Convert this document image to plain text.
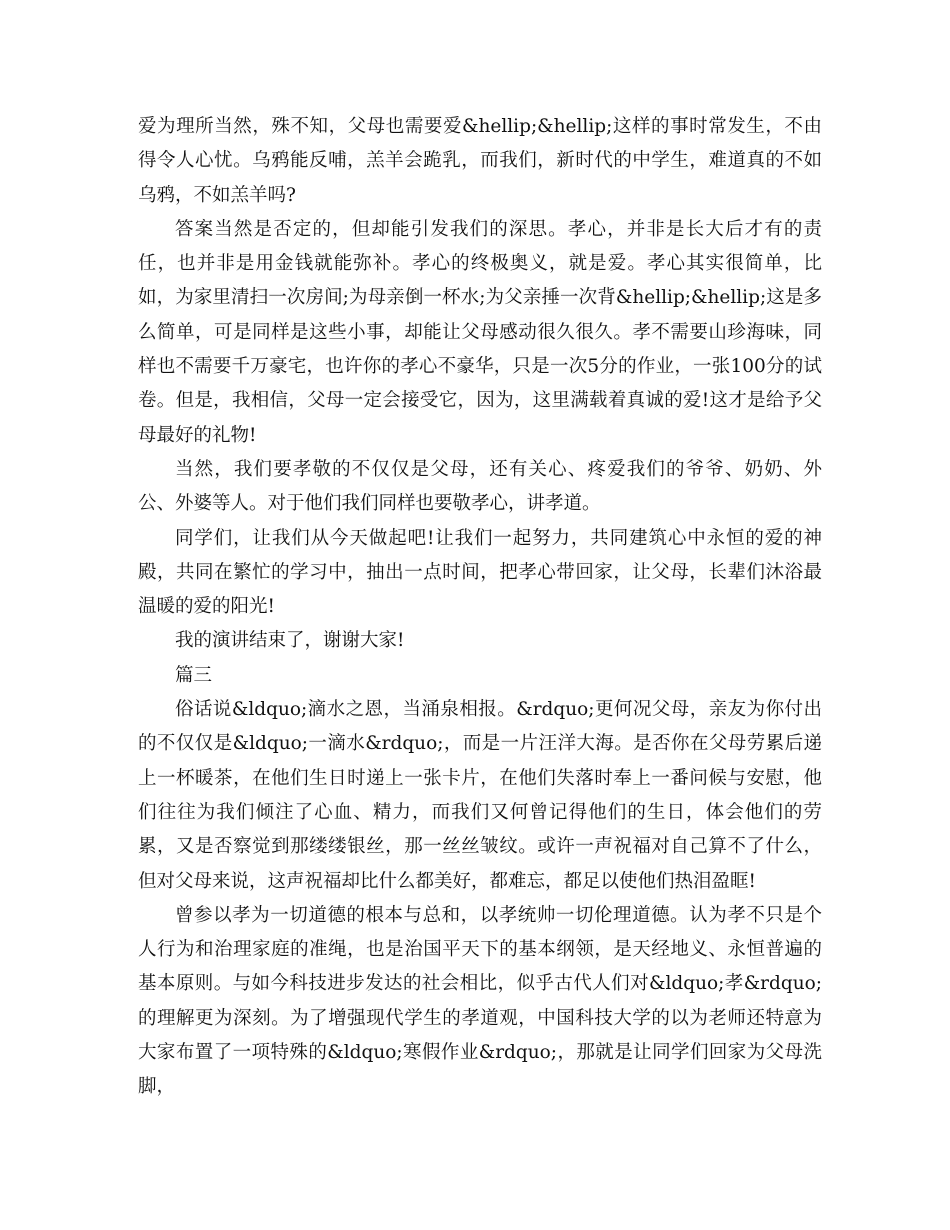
爱为理所当然，殊不知，父母也需要爱&hellip;&hellip;这样的事时常发生，不由得令人心忧。乌鸦能反哺，羔羊会跪乳，而我们，新时代的中学生，难道真的不如乌鸦，不如羔羊吗?

答案当然是否定的，但却能引发我们的深思。孝心，并非是长大后才有的责任，也并非是用金钱就能弥补。孝心的终极奥义，就是爱。孝心其实很简单，比如，为家里清扫一次房间;为母亲倒一杯水;为父亲捶一次背&hellip;&hellip;这是多么简单，可是同样是这些小事，却能让父母感动很久很久。孝不需要山珍海味，同样也不需要千万豪宅，也许你的孝心不豪华，只是一次5分的作业，一张100分的试卷。但是，我相信，父母一定会接受它，因为，这里满载着真诚的爱!这才是给予父母最好的礼物!

当然，我们要孝敬的不仅仅是父母，还有关心、疼爱我们的爷爷、奶奶、外公、外婆等人。对于他们我们同样也要敬孝心，讲孝道。

同学们，让我们从今天做起吧!让我们一起努力，共同建筑心中永恒的爱的神殿，共同在繁忙的学习中，抽出一点时间，把孝心带回家，让父母，长辈们沐浴最温暖的爱的阳光!

我的演讲结束了，谢谢大家!

篇三

俗话说&ldquo;滴水之恩，当涌泉相报。&rdquo;更何况父母，亲友为你付出的不仅仅是&ldquo;一滴水&rdquo;，而是一片汪洋大海。是否你在父母劳累后递上一杯暖茶，在他们生日时递上一张卡片，在他们失落时奉上一番问候与安慰，他们往往为我们倾注了心血、精力，而我们又何曾记得他们的生日，体会他们的劳累，又是否察觉到那缕缕银丝，那一丝丝皱纹。或许一声祝福对自己算不了什么，但对父母来说，这声祝福却比什么都美好，都难忘，都足以使他们热泪盈眶!

曾参以孝为一切道德的根本与总和，以孝统帅一切伦理道德。认为孝不只是个人行为和治理家庭的准绳，也是治国平天下的基本纲领，是天经地义、永恒普遍的基本原则。与如今科技进步发达的社会相比，似乎古代人们对&ldquo;孝&rdquo;的理解更为深刻。为了增强现代学生的孝道观，中国科技大学的以为老师还特意为大家布置了一项特殊的&ldquo;寒假作业&rdquo;，那就是让同学们回家为父母洗脚，
